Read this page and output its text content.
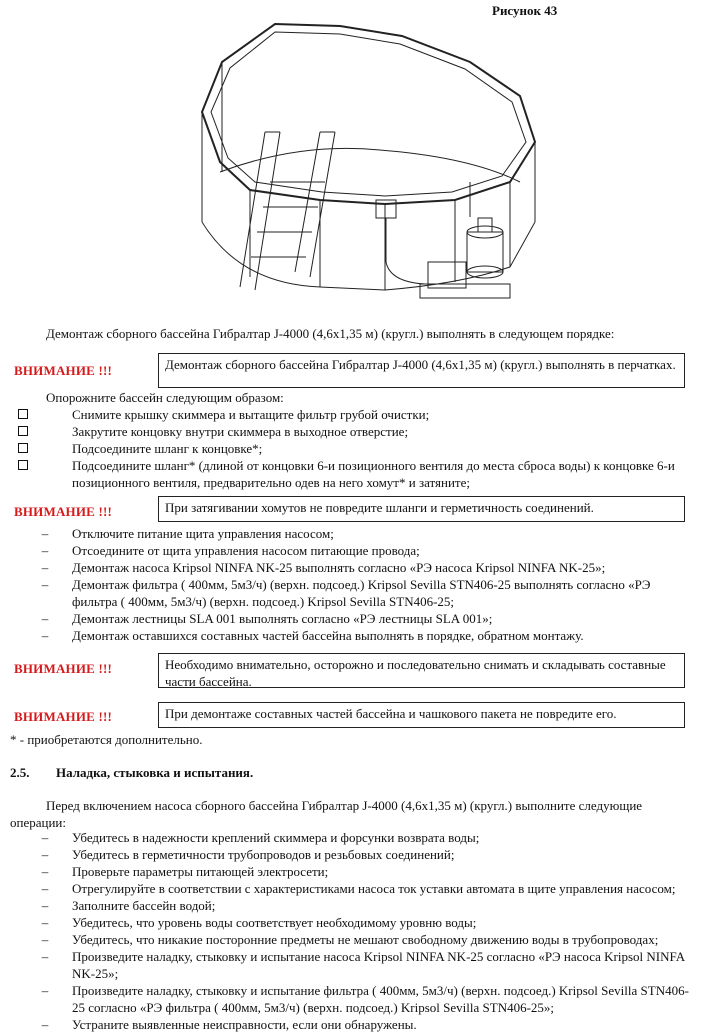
Рисунок 43
Демонтаж сборного бассейна Гибралтар J-4000 (4,6х1,35 м) (кругл.) выполнять в следующем порядке:
ВНИМАНИЕ !!!	Демонтаж сборного бассейна Гибралтар J-4000 (4,6х1,35 м) (кругл.) выполнять в перчатках.
Опорожните бассейн следующим образом:
Снимите крышку скиммера и вытащите фильтр грубой очистки;
Закрутите концовку внутри скиммера в выходное отверстие;
Подсоедините шланг к концовке*;
Подсоедините шланг* (длиной от концовки 6-и позиционного вентиля до места сброса воды) к концовке 6-и позиционного вентиля, предварительно одев на него хомут* и затяните;
ВНИМАНИЕ !!!	При затягивании хомутов не повредите шланги и герметичность соединений.
– Отключите питание щита управления насосом;
– Отсоедините от щита управления насосом питающие провода;
– Демонтаж насоса Kripsol NINFA NK-25 выполнять согласно «РЭ насоса Kripsol NINFA NK-25»;
– Демонтаж фильтра ( 400мм, 5м3/ч) (верхн. подсоед.) Kripsol Sevilla STN406-25 выполнять согласно «РЭ фильтра ( 400мм, 5м3/ч) (верхн. подсоед.) Kripsol Sevilla STN406-25;
– Демонтаж лестницы SLA 001 выполнять согласно «РЭ лестницы SLA 001»;
– Демонтаж оставшихся составных частей бассейна выполнять в порядке, обратном монтажу.
ВНИМАНИЕ !!!	Необходимо внимательно, осторожно и последовательно снимать и складывать составные части бассейна.
ВНИМАНИЕ !!!	При демонтаже составных частей бассейна и чашкового пакета не повредите его.
* - приобретаются дополнительно.
2.5. Наладка, стыковка и испытания.
Перед включением насоса сборного бассейна Гибралтар J-4000 (4,6х1,35 м) (кругл.) выполните следующие операции:
– Убедитесь в надежности креплений скиммера и форсунки возврата воды;
– Убедитесь в герметичности трубопроводов и резьбовых соединений;
– Проверьте параметры питающей электросети;
– Отрегулируйте в соответствии с характеристиками насоса ток уставки автомата в щите управления насосом;
– Заполните бассейн водой;
– Убедитесь, что уровень воды соответствует необходимому уровню воды;
– Убедитесь, что никакие посторонние предметы не мешают свободному движению воды в трубопроводах;
– Произведите наладку, стыковку и испытание насоса Kripsol NINFA NK-25 согласно «РЭ насоса Kripsol NINFA NK-25»;
– Произведите наладку, стыковку и испытание фильтра ( 400мм, 5м3/ч) (верхн. подсоед.) Kripsol Sevilla STN406-25 согласно «РЭ фильтра ( 400мм, 5м3/ч) (верхн. подсоед.) Kripsol Sevilla STN406-25»;
– Устраните выявленные неисправности, если они обнаружены.
